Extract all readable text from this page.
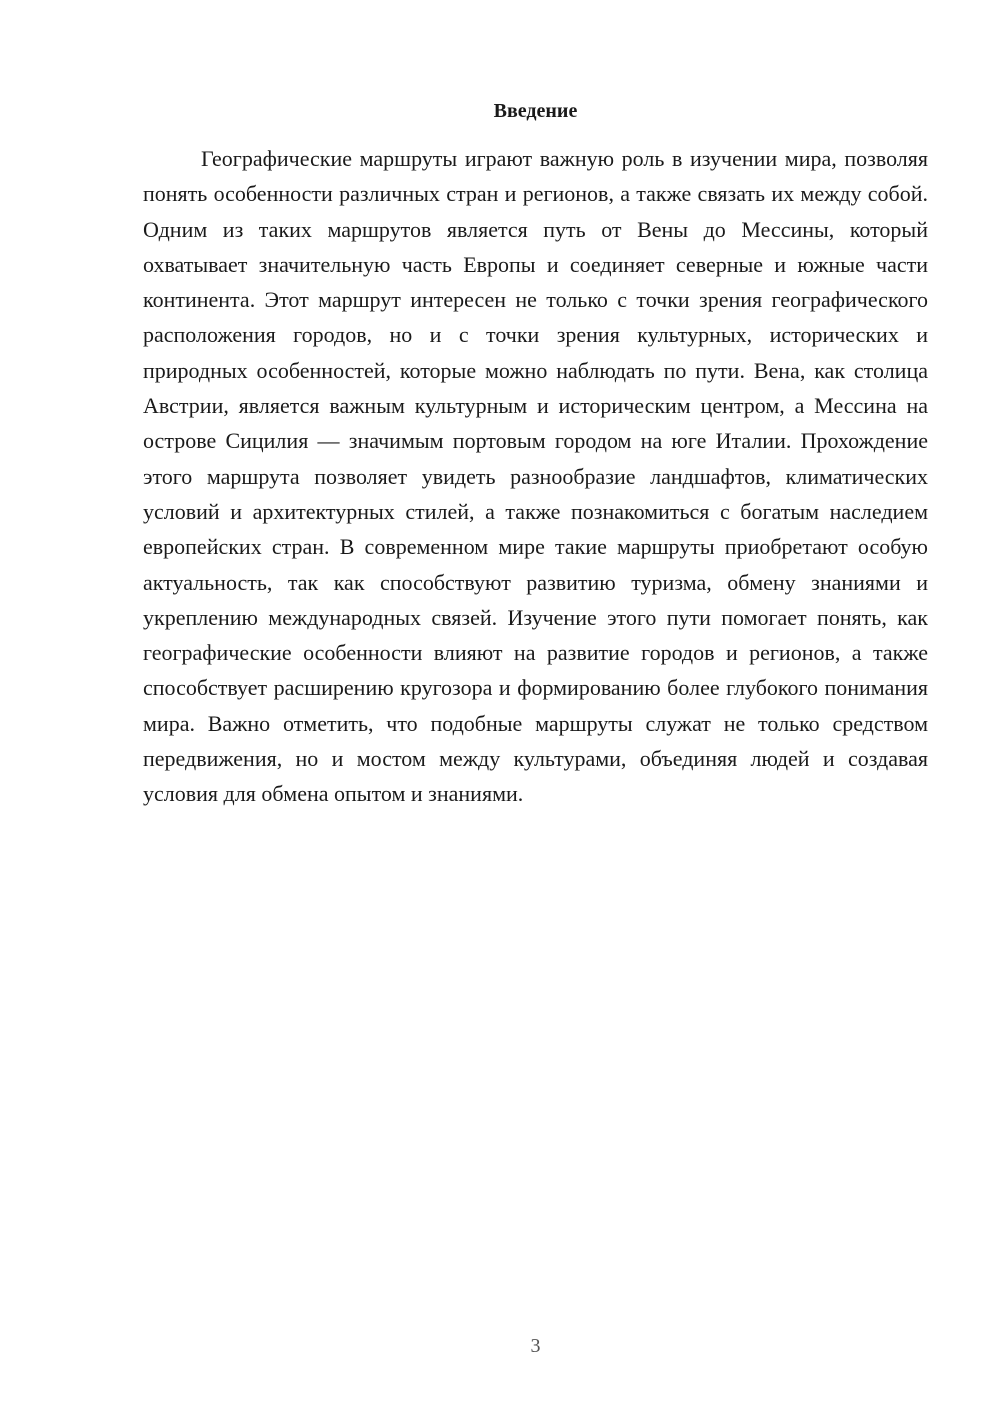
Введение

Географические маршруты играют важную роль в изучении мира, позволяя понять особенности различных стран и регионов, а также связать их между собой. Одним из таких маршрутов является путь от Вены до Мессины, который охватывает значительную часть Европы и соединяет северные и южные части континента. Этот маршрут интересен не только с точки зрения географического расположения городов, но и с точки зрения культурных, исторических и природных особенностей, которые можно наблюдать по пути. Вена, как столица Австрии, является важным культурным и историческим центром, а Мессина на острове Сицилия — значимым портовым городом на юге Италии. Прохождение этого маршрута позволяет увидеть разнообразие ландшафтов, климатических условий и архитектурных стилей, а также познакомиться с богатым наследием европейских стран. В современном мире такие маршруты приобретают особую актуальность, так как способствуют развитию туризма, обмену знаниями и укреплению международных связей. Изучение этого пути помогает понять, как географические особенности влияют на развитие городов и регионов, а также способствует расширению кругозора и формированию более глубокого понимания мира. Важно отметить, что подобные маршруты служат не только средством передвижения, но и мостом между культурами, объединяя людей и создавая условия для обмена опытом и знаниями.

3
